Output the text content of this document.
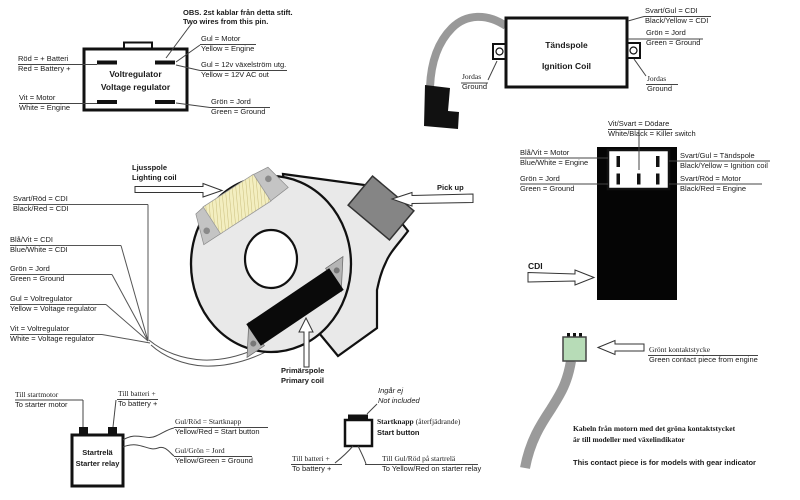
Voltregulator
Voltage regulator
OBS. 2st kablar från detta stift.
Two wires from this pin.
Röd = + Batteri
Red = Battery +
Vit = Motor
White = Engine
Gul = Motor
Yellow = Engine
Gul = 12v växelström utg.
Yellow = 12V AC out
Grön = Jord
Green = Ground
Tändspole
Ignition Coil
Jordas
Ground
Jordas
Ground
Svart/Gul = CDI
Black/Yellow = CDI
Grön = Jord
Green = Ground
Ljusspole
Lighting coil
Pick up
Primärspole
Primary coil
Svart/Röd = CDI
Black/Red = CDI
Blå/Vit = CDI
Blue/White = CDI
Grön = Jord
Green = Ground
Gul = Voltregulator
Yellow = Voltage regulator
Vit = Voltregulator
White = Voltage regulator
Vit/Svart = Dödare
White/Black = Killer switch
Blå/Vit = Motor
Blue/White = Engine
Grön = Jord
Green = Ground
Svart/Gul = Tändspole
Black/Yellow = Ignition coil
Svart/Röd = Motor
Black/Red = Engine
CDI
Startrelä
Starter relay
Till startmotor
To starter motor
Till batteri +
To battery +
Gul/Röd = Startknapp
Yellow/Red = Start button
Gul/Grön = Jord
Yellow/Green = Ground
Ingår ej
Not included
Startknapp (återfjädrande)
Start button
Till batteri +
To battery +
Till Gul/Röd på startrelä
To Yellow/Red on starter relay
Grönt kontaktstycke
Green contact piece from engine
Kabeln från motorn med det gröna kontaktstycket
är till modeller med växelindikator
This contact piece is for models with gear indicator
